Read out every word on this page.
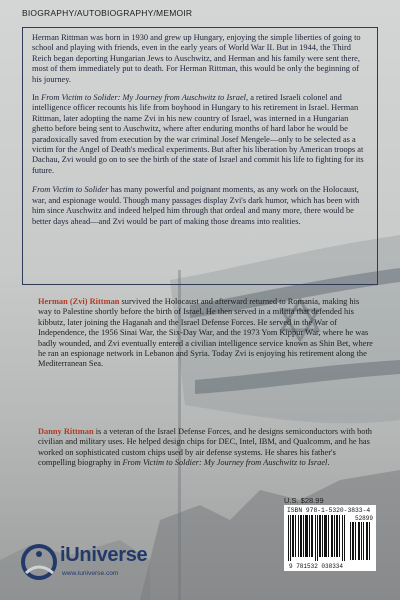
BIOGRAPHY/AUTOBIOGRAPHY/MEMOIR

Herman Rittman was born in 1930 and grew up Hungary, enjoying the simple liberties of going to school and playing with friends, even in the early years of World War II. But in 1944, the Third Reich began deporting Hungarian Jews to Auschwitz, and Herman and his family were sent there, most of them immediately put to death. For Herman Rittman, this would be only the beginning of his journey.

In From Victim to Solider: My Journey from Auschwitz to Israel, a retired Israeli colonel and intelligence officer recounts his life from boyhood in Hungary to his retirement in Israel. Herman Rittman, later adopting the name Zvi in his new country of Israel, was interned in a Hungarian ghetto before being sent to Auschwitz, where after enduring months of hard labor he would be paradoxically saved from execution by the war criminal Josef Mengele—only to be selected as a victim for the Angel of Death's medical experiments. But after his liberation by American troops at Dachau, Zvi would go on to see the birth of the state of Israel and commit his life to fighting for its future.

From Victim to Solider has many powerful and poignant moments, as any work on the Holocaust, war, and espionage would. Though many passages display Zvi's dark humor, which has been with him since Auschwitz and indeed helped him through that ordeal and many more, there would be better days ahead—and Zvi would be part of making those dreams into realities.

Herman (Zvi) Rittman survived the Holocaust and afterward returned to Romania, making his way to Palestine shortly before the birth of Israel. He then served in a militia that defended his kibbutz, later joining the Haganah and the Israel Defense Forces. He served in the War of Independence, the 1956 Sinai War, the Six-Day War, and the 1973 Yom Kippur War, where he was badly wounded, and Zvi eventually entered a civilian intelligence service known as Shin Bet, where he ran an espionage network in Lebanon and Syria. Today Zvi is enjoying his retirement along the Mediterranean Sea.
Danny Rittman is a veteran of the Israel Defense Forces, and he designs semiconductors with both civilian and military uses. He helped design chips for DEC, Intel, IBM, and Qualcomm, and he has worked on sophisticated custom chips used by air defense systems. He shares his father's compelling biography in From Victim to Soldier: My Journey from Auschwitz to Israel.
U.S. $28.99
ISBN 978-1-5320-3833-4
52899
9 781532 038334
iUniverse
www.iuniverse.com
